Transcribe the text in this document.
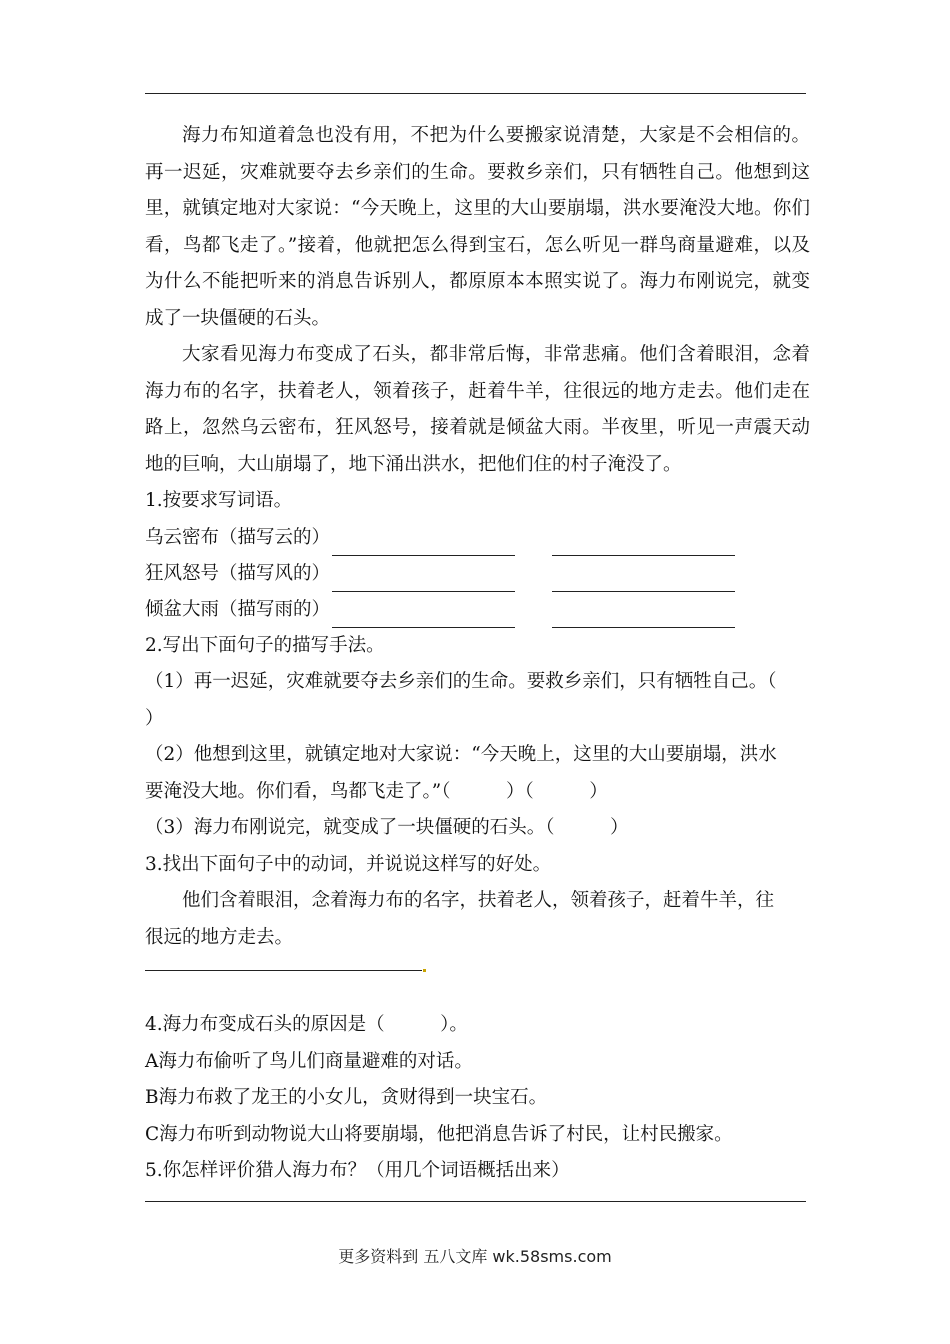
海力布知道着急也没有用，不把为什么要搬家说清楚，大家是不会相信的。再一迟延，灾难就要夺去乡亲们的生命。要救乡亲们，只有牺牲自己。他想到这里，就镇定地对大家说：“今天晚上，这里的大山要崩塌，洪水要淹没大地。你们看，鸟都飞走了。”接着，他就把怎么得到宝石，怎么听见一群鸟商量避难，以及为什么不能把听来的消息告诉别人，都原原本本照实说了。海力布刚说完，就变成了一块僵硬的石头。

大家看见海力布变成了石头，都非常后悔，非常悲痛。他们含着眼泪，念着海力布的名字，扶着老人，领着孩子，赶着牛羊，往很远的地方走去。他们走在路上，忽然乌云密布，狂风怒号，接着就是倾盆大雨。半夜里，听见一声震天动地的巨响，大山崩塌了，地下涌出洪水，把他们住的村子淹没了。

1.按要求写词语。
乌云密布（描写云的）
狂风怒号（描写风的）
倾盆大雨（描写雨的）
2.写出下面句子的描写手法。
（1）再一迟延，灾难就要夺去乡亲们的生命。要救乡亲们，只有牺牲自己。（
）
（2）他想到这里，就镇定地对大家说：“今天晚上，这里的大山要崩塌，洪水
要淹没大地。你们看，鸟都飞走了。”（　　　）（　　　）
（3）海力布刚说完，就变成了一块僵硬的石头。（　　　）
3.找出下面句子中的动词，并说说这样写的好处。
他们含着眼泪，念着海力布的名字，扶着老人，领着孩子，赶着牛羊，往
很远的地方走去。
4.海力布变成石头的原因是（　　　）。
A海力布偷听了鸟儿们商量避难的对话。
B海力布救了龙王的小女儿，贪财得到一块宝石。
C海力布听到动物说大山将要崩塌，他把消息告诉了村民，让村民搬家。
5.你怎样评价猎人海力布？（用几个词语概括出来）
更多资料到 五八文库 wk.58sms.com
